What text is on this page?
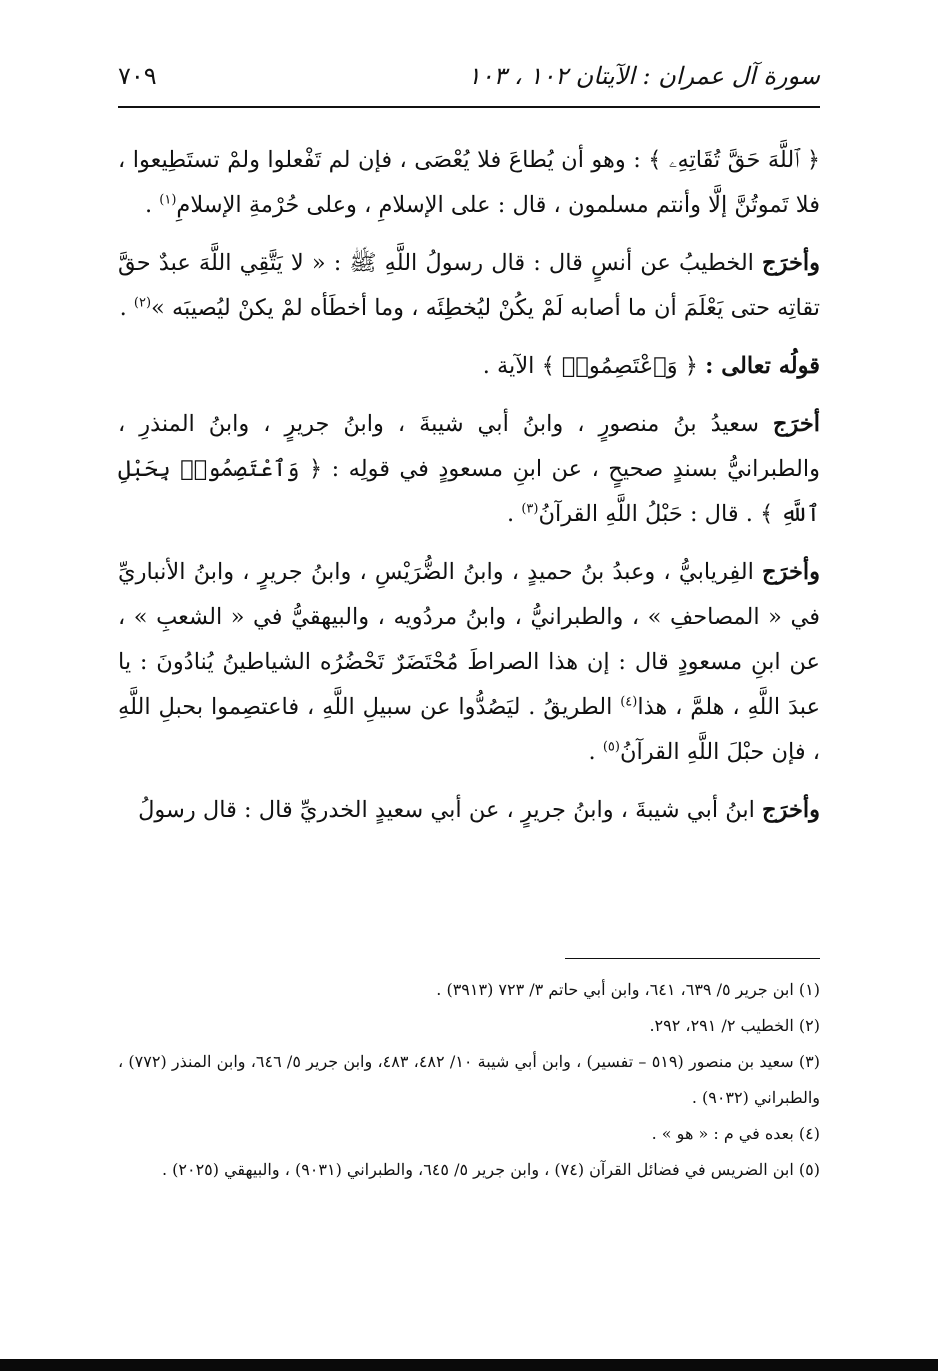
سورة آل عمران : الآيتان ١٠٢ ، ١٠٣
٧٠٩

﴿ ٱللَّهَ حَقَّ تُقَاتِهِۦ ﴾ : وهو أن يُطاعَ فلا يُعْصَى ، فإن لم تَفْعلوا ولمْ تستَطِيعوا ، فلا تَموتُنَّ إلَّا وأنتم مسلمون ، قال : على الإسلامِ ، وعلى حُرْمةِ الإسلامِ$^{(١)}$ .

وأخرَج الخطيبُ عن أنسٍ قال : قال رسولُ اللَّهِ ﷺ : « لا يَتَّقِي اللَّهَ عبدٌ حقَّ تقاتِه حتى يَعْلَمَ أن ما أصابه لَمْ يكُنْ ليُخطِئَه ، وما أخطَأه لمْ يكنْ ليُصيبَه »$^{(٢)}$ .

قولُه تعالى : ﴿ وَٱعْتَصِمُوا۟ ﴾ الآية .

أخرَج سعيدُ بنُ منصورٍ ، وابنُ أبي شيبةَ ، وابنُ جريرٍ ، وابنُ المنذرِ ، والطبرانيُّ بسندٍ صحيحٍ ، عن ابنِ مسعودٍ في قولِه : ﴿ وَٱعْتَصِمُوا۟ بِحَبْلِ ٱللَّهِ ﴾ . قال : حَبْلُ اللَّهِ القرآنُ$^{(٣)}$ .

وأخرَج الفِريابيُّ ، وعبدُ بنُ حميدٍ ، وابنُ الضُّرَيْسِ ، وابنُ جريرٍ ، وابنُ الأنباريِّ في « المصاحفِ » ، والطبرانيُّ ، وابنُ مردُويه ، والبيهقيُّ في « الشعبِ » ، عن ابنِ مسعودٍ قال : إن هذا الصراطَ مُحْتَضَرٌ تَحْضُرُه الشياطينُ يُنادُونَ : يا عبدَ اللَّهِ ، هلمَّ ، هذا$^{(٤)}$ الطريقُ . ليَصُدُّوا عن سبيلِ اللَّهِ ، فاعتصِموا بحبلِ اللَّهِ ، فإن حبْلَ اللَّهِ القرآنُ$^{(٥)}$ .

وأخرَج ابنُ أبي شيبةَ ، وابنُ جريرٍ ، عن أبي سعيدٍ الخدريِّ قال : قال رسولُ

(١) ابن جرير ٥/ ٦٣٩، ٦٤١، وابن أبي حاتم ٣/ ٧٢٣ (٣٩١٣) .

(٢) الخطيب ٢/ ٢٩١، ٢٩٢.

(٣) سعيد بن منصور (٥١٩ – تفسير) ، وابن أبي شيبة ١٠/ ٤٨٢، ٤٨٣، وابن جرير ٥/ ٦٤٦، وابن المنذر (٧٧٢) ، والطبراني (٩٠٣٢) .

(٤) بعده في م : « هو » .

(٥) ابن الضريس في فضائل القرآن (٧٤) ، وابن جرير ٥/ ٦٤٥، والطبراني (٩٠٣١) ، والبيهقي (٢٠٢٥) .
